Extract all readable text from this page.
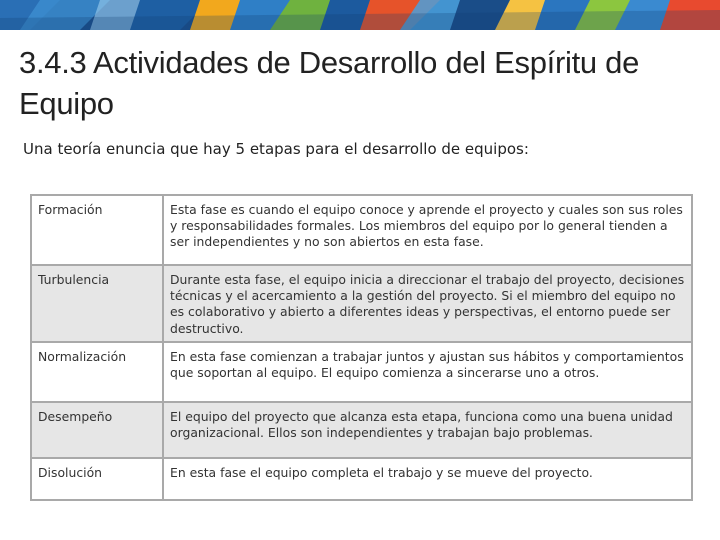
3.4.3 Actividades de Desarrollo del Espíritu de Equipo
Una teoría enuncia que hay 5 etapas para el desarrollo de equipos:
Formación	Esta fase es cuando el equipo conoce y aprende el proyecto y cuales son sus roles y responsabilidades formales. Los miembros del equipo por lo general tienden a ser independientes y no son abiertos en esta fase.
Turbulencia	Durante esta fase, el equipo inicia a direccionar el trabajo del proyecto, decisiones técnicas y el acercamiento a la gestión del proyecto. Si el miembro del equipo no es colaborativo y abierto a diferentes ideas y perspectivas, el entorno puede ser destructivo.
Normalización	En esta fase comienzan a trabajar juntos y ajustan sus hábitos y comportamientos que soportan al equipo. El equipo comienza a sincerarse uno a otros.
Desempeño	El equipo del proyecto que alcanza esta etapa, funciona como una buena unidad organizacional. Ellos son independientes y trabajan bajo problemas.
Disolución	En esta fase el equipo completa el trabajo y se mueve del proyecto.
